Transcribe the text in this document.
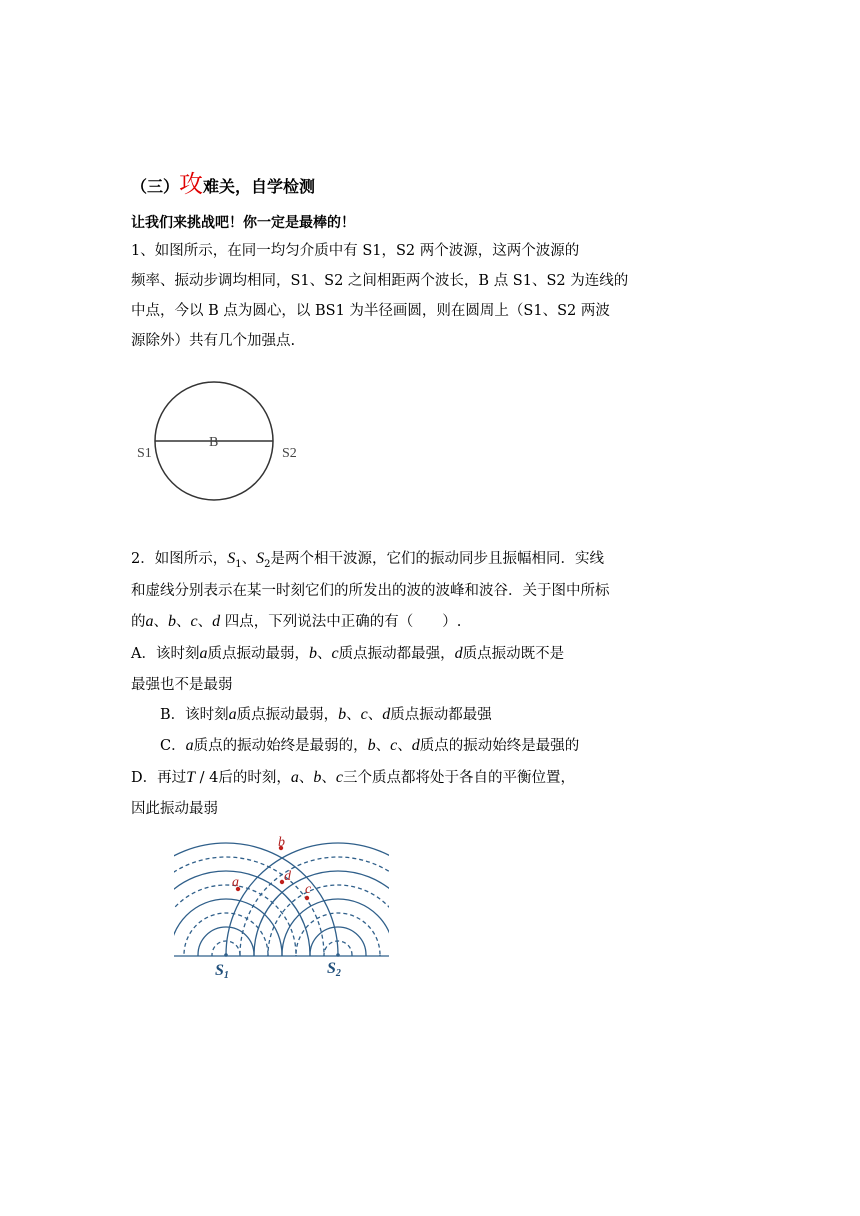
（三）攻难关，自学检测
让我们来挑战吧！你一定是最棒的！
1、如图所示，在同一均匀介质中有 S1，S2 两个波源，这两个波源的
频率、振动步调均相同，S1、S2 之间相距两个波长，B 点 S1、S2 为连线的
中点，今以 B 点为圆心，以 BS1 为半径画圆，则在圆周上（S1、S2 两波
源除外）共有几个加强点.
B
S1	S2
2．如图所示，$S_1$、$S_2$是两个相干波源，它们的振动同步且振幅相同．实线
和虚线分别表示在某一时刻它们的所发出的波的波峰和波谷．关于图中所标
的a、b、c、d 四点，下列说法中正确的有（　　）.
A．该时刻a质点振动最弱，b、c质点振动都最强，d质点振动既不是
最强也不是最弱
B．该时刻a质点振动最弱，b、c、d质点振动都最强
C．a质点的振动始终是最弱的，b、c、d质点的振动始终是最强的
D．再过T / 4后的时刻，a、b、c三个质点都将处于各自的平衡位置，
因此振动最弱
b
a	d
c
S1	S2
